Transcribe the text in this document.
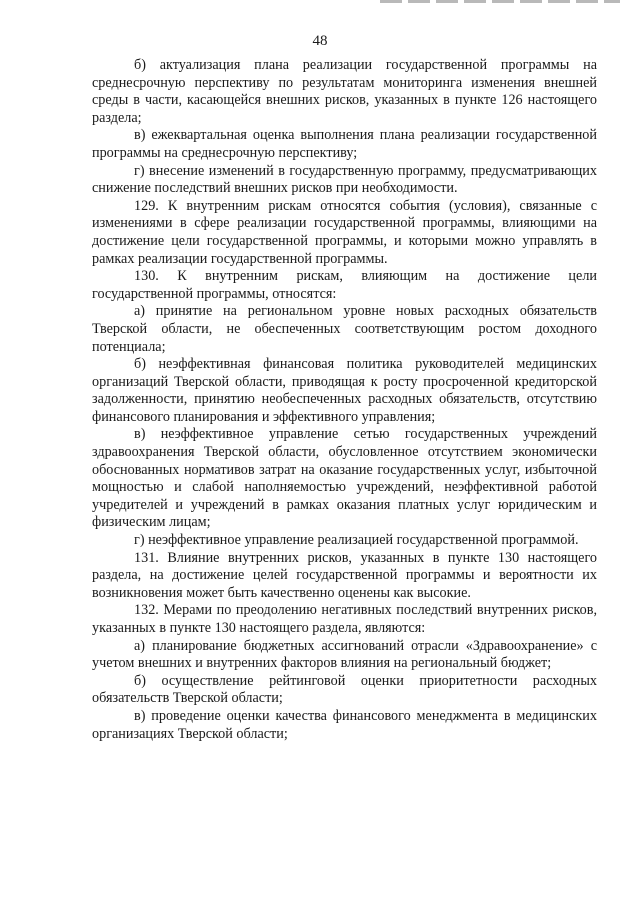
48

б) актуализация плана реализации государственной программы на среднесрочную перспективу по результатам мониторинга изменения внешней среды в части, касающейся внешних рисков, указанных в пункте 126 настоящего раздела;

в) ежеквартальная оценка выполнения плана реализации государственной программы на среднесрочную перспективу;

г) внесение изменений в государственную программу, предусматривающих снижение последствий внешних рисков при необходимости.

129. К внутренним рискам относятся события (условия), связанные с изменениями в сфере реализации государственной программы, влияющими на достижение цели государственной программы, и которыми можно управлять в рамках реализации государственной программы.

130. К внутренним рискам, влияющим на достижение цели государственной программы, относятся:

а) принятие на региональном уровне новых расходных обязательств Тверской области, не обеспеченных соответствующим ростом доходного потенциала;

б) неэффективная финансовая политика руководителей медицинских организаций Тверской области, приводящая к росту просроченной кредиторской задолженности, принятию необеспеченных расходных обязательств, отсутствию финансового планирования и эффективного управления;

в) неэффективное управление сетью государственных учреждений здравоохранения Тверской области, обусловленное отсутствием экономически обоснованных нормативов затрат на оказание государственных услуг, избыточной мощностью и слабой наполняемостью учреждений, неэффективной работой учредителей и учреждений в рамках оказания платных услуг юридическим и физическим лицам;

г) неэффективное управление реализацией государственной программой.

131. Влияние внутренних рисков, указанных в пункте 130 настоящего раздела, на достижение целей государственной программы и вероятности их возникновения может быть качественно оценены как высокие.

132. Мерами по преодолению негативных последствий внутренних рисков, указанных в пункте 130 настоящего раздела, являются:

а) планирование бюджетных ассигнований отрасли «Здравоохранение» с учетом внешних и внутренних факторов влияния на региональный бюджет;

б) осуществление рейтинговой оценки приоритетности расходных обязательств Тверской области;

в) проведение оценки качества финансового менеджмента в медицинских организациях Тверской области;
